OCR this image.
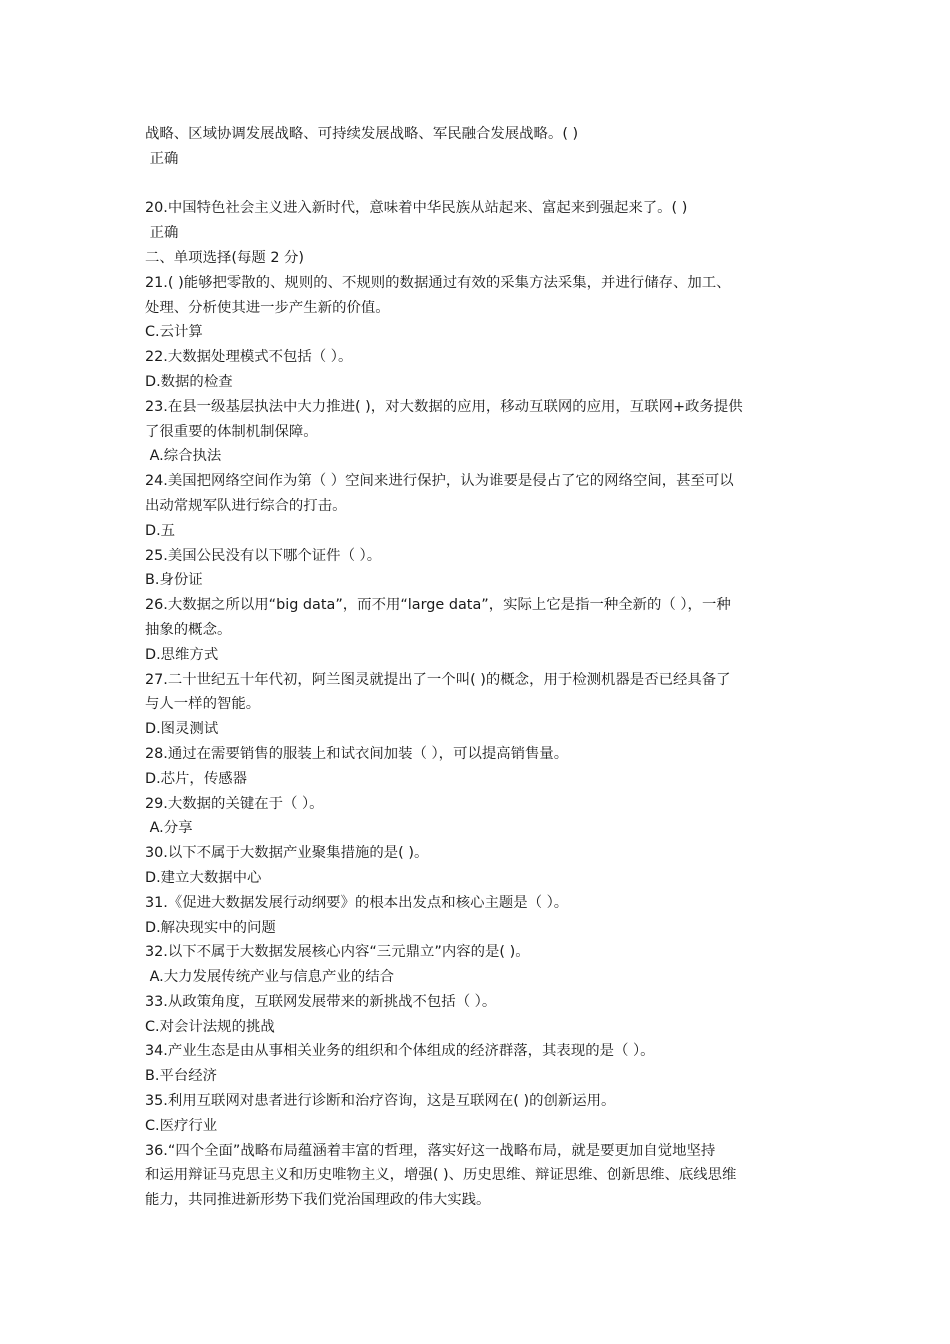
战略、区域协调发展战略、可持续发展战略、军民融合发展战略。( )

正确

20.中国特色社会主义进入新时代，意味着中华民族从站起来、富起来到强起来了。( )

正确

二、单项选择(每题 2 分)

21.( )能够把零散的、规则的、不规则的数据通过有效的采集方法采集，并进行储存、加工、

处理、分析使其进一步产生新的价值。

C.云计算

22.大数据处理模式不包括（ ）。

D.数据的检查

23.在县一级基层执法中大力推进( )，对大数据的应用，移动互联网的应用，互联网+政务提供

了很重要的体制机制保障。

A.综合执法

24.美国把网络空间作为第（ ）空间来进行保护，认为谁要是侵占了它的网络空间，甚至可以

出动常规军队进行综合的打击。

D.五

25.美国公民没有以下哪个证件（ ）。

B.身份证

26.大数据之所以用“big data”，而不用“large data”，实际上它是指一种全新的（ ），一种

抽象的概念。

D.思维方式

27.二十世纪五十年代初，阿兰图灵就提出了一个叫( )的概念，用于检测机器是否已经具备了

与人一样的智能。

D.图灵测试

28.通过在需要销售的服装上和试衣间加装（ ），可以提高销售量。

D.芯片，传感器

29.大数据的关键在于（ ）。

A.分享

30.以下不属于大数据产业聚集措施的是( )。

D.建立大数据中心

31.《促进大数据发展行动纲要》的根本出发点和核心主题是（ ）。

D.解决现实中的问题

32.以下不属于大数据发展核心内容“三元鼎立”内容的是( )。

A.大力发展传统产业与信息产业的结合

33.从政策角度，互联网发展带来的新挑战不包括（ ）。

C.对会计法规的挑战

34.产业生态是由从事相关业务的组织和个体组成的经济群落，其表现的是（ ）。

B.平台经济

35.利用互联网对患者进行诊断和治疗咨询，这是互联网在( )的创新运用。

C.医疗行业

36.“四个全面”战略布局蕴涵着丰富的哲理，落实好这一战略布局，就是要更加自觉地坚持

和运用辩证马克思主义和历史唯物主义，增强( )、历史思维、辩证思维、创新思维、底线思维

能力，共同推进新形势下我们党治国理政的伟大实践。
